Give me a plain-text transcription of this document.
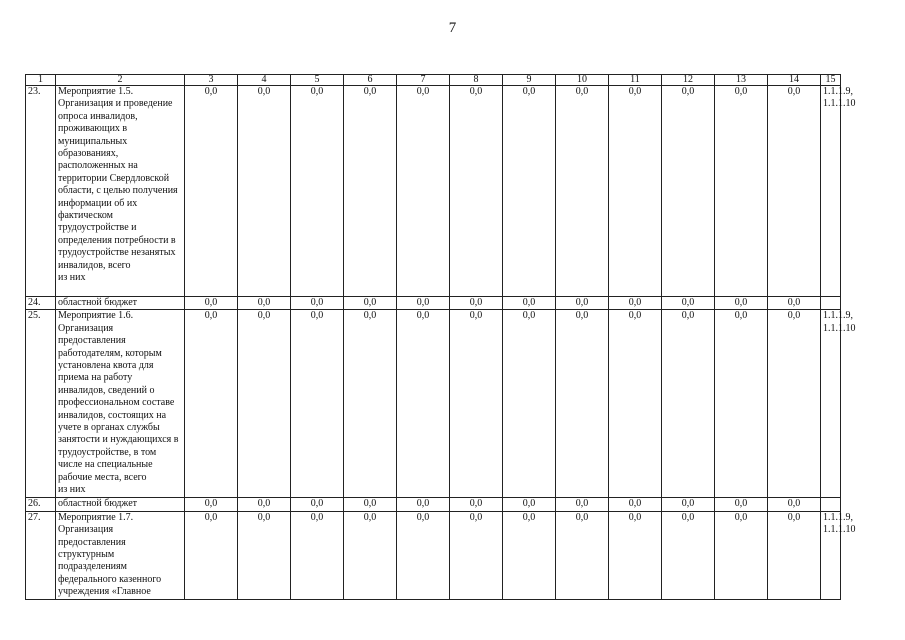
7
1	2	3	4	5	6	7	8	9	10	11	12	13	14	15
23.	Мероприятие 1.5.
Организация и проведение опроса инвалидов, проживающих в муниципальных образованиях, расположенных на территории Свердловской области, с целью получения информации об их фактическом трудоустройстве и определения потребности в трудоустройстве незанятых инвалидов, всего
из них	0,0	0,0	0,0	0,0	0,0	0,0	0,0	0,0	0,0	0,0	0,0	0,0	1.1.1.9, 1.1.1.10
24.	областной бюджет	0,0	0,0	0,0	0,0	0,0	0,0	0,0	0,0	0,0	0,0	0,0	0,0	
25.	Мероприятие 1.6.
Организация предоставления работодателям, которым установлена квота для приема на работу инвалидов, сведений о профессиональном составе инвалидов, состоящих на учете в органах службы занятости и нуждающихся в трудоустройстве, в том числе на специальные рабочие места, всего
из них	0,0	0,0	0,0	0,0	0,0	0,0	0,0	0,0	0,0	0,0	0,0	0,0	1.1.1.9, 1.1.1.10
26.	областной бюджет	0,0	0,0	0,0	0,0	0,0	0,0	0,0	0,0	0,0	0,0	0,0	0,0	
27.	Мероприятие 1.7.
Организация предоставления структурным подразделениям федерального казенного учреждения «Главное	0,0	0,0	0,0	0,0	0,0	0,0	0,0	0,0	0,0	0,0	0,0	0,0	1.1.1.9, 1.1.1.10
